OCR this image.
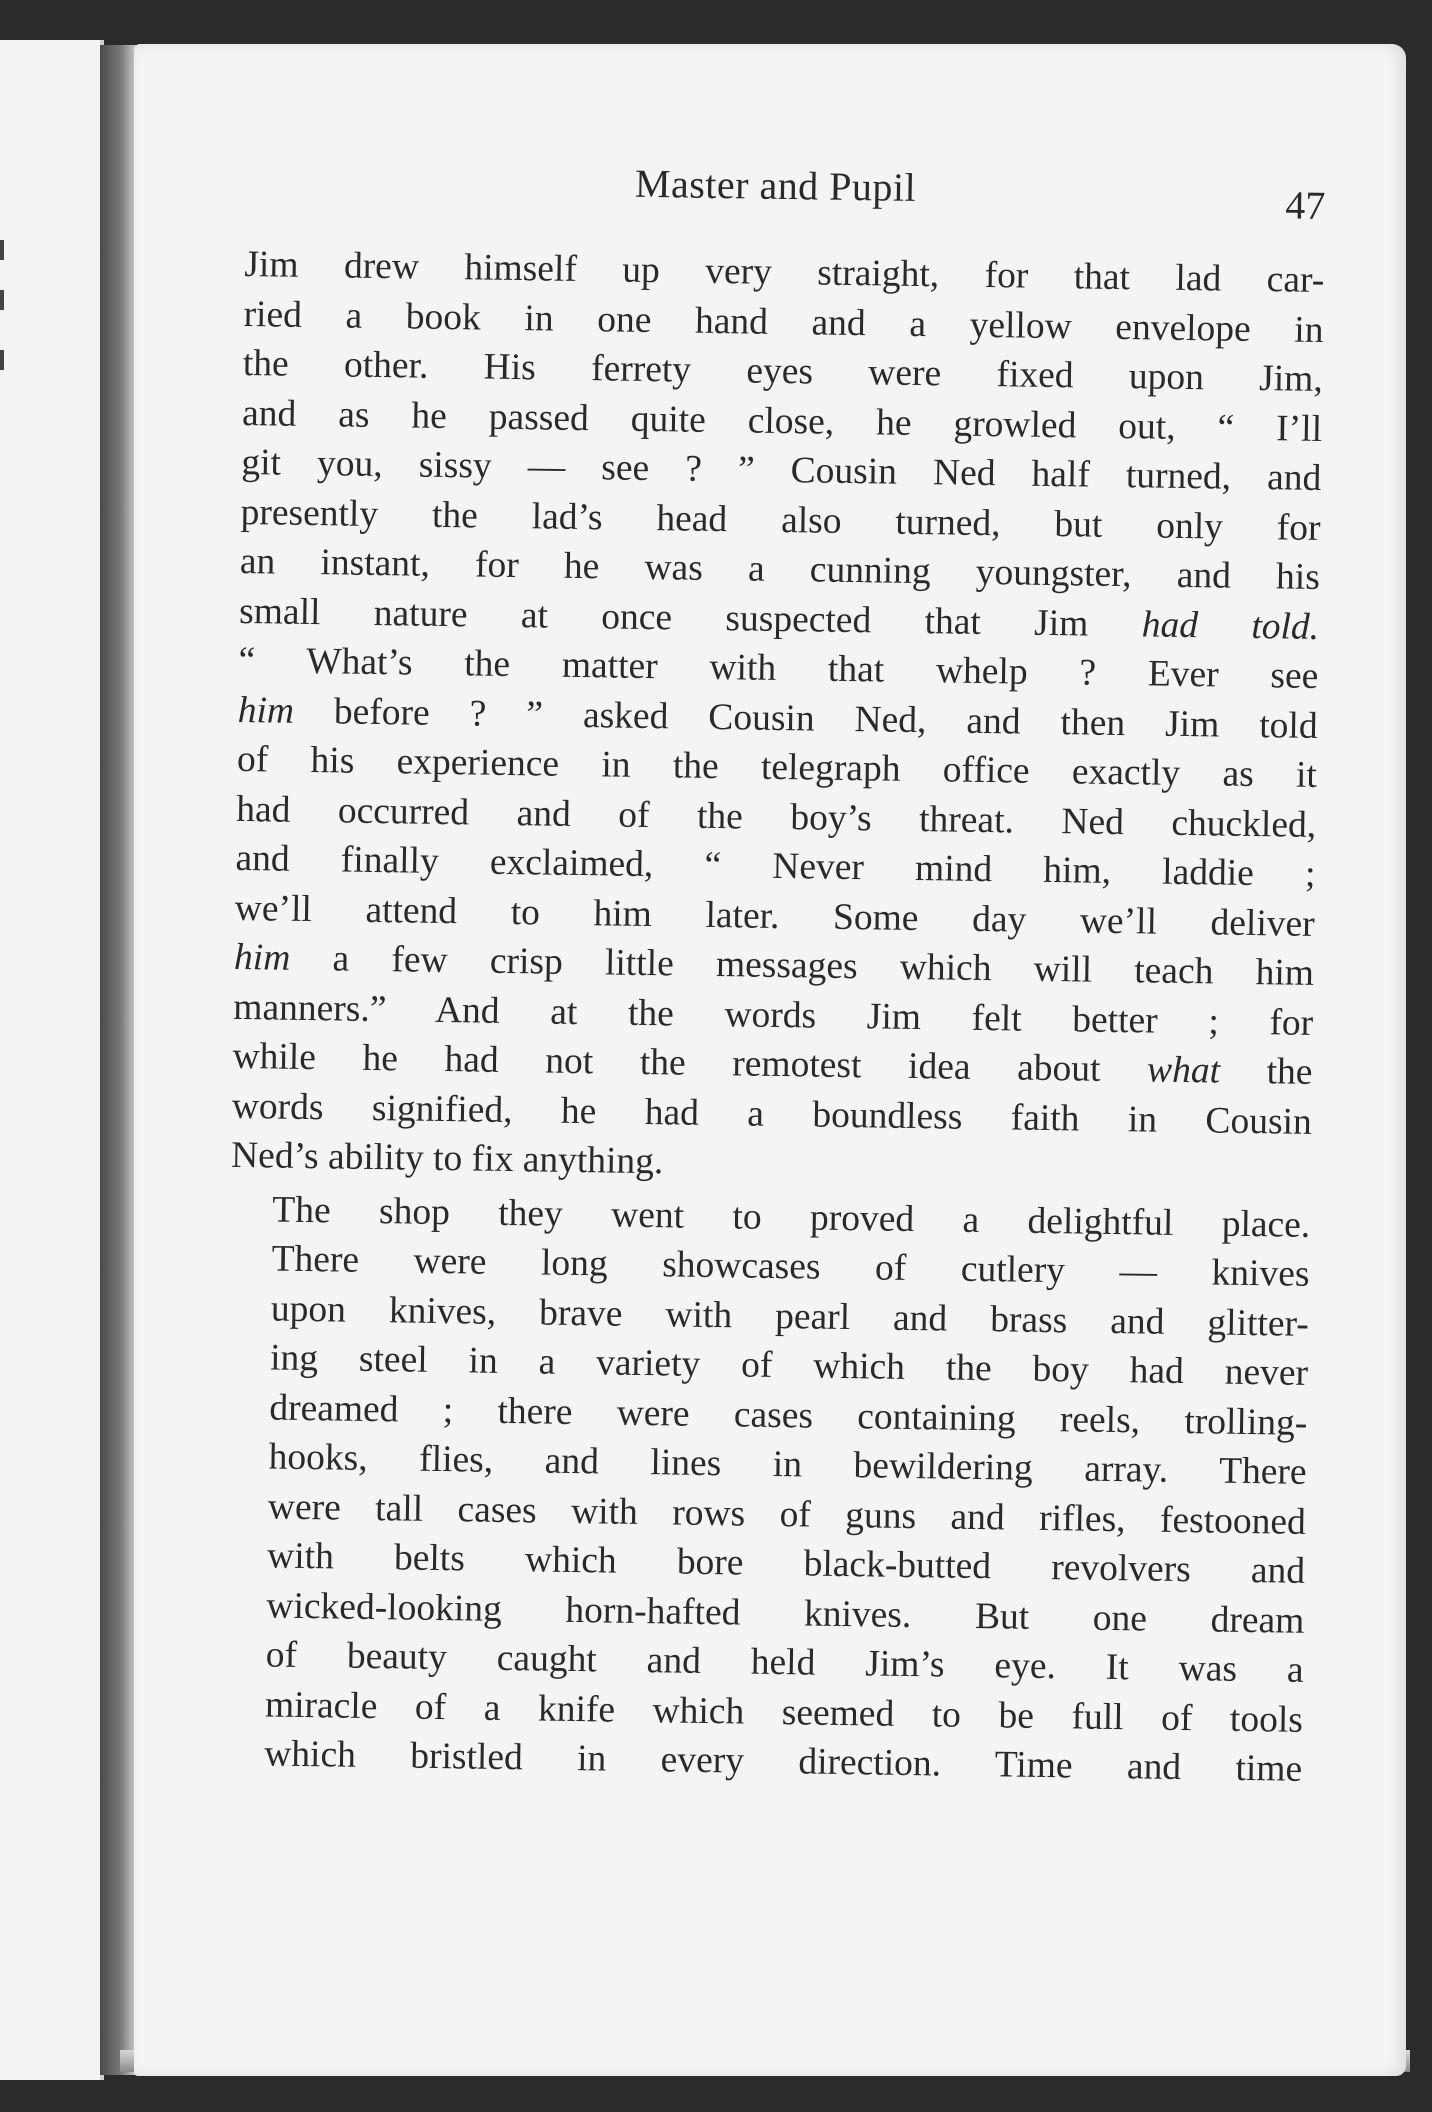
Master and Pupil	47

Jim drew himself up very straight, for that lad car-
ried a book in one hand and a yellow envelope in
the other. His ferrety eyes were fixed upon Jim,
and as he passed quite close, he growled out, “ I’ll
git you, sissy — see ? ” Cousin Ned half turned, and
presently the lad’s head also turned, but only for
an instant, for he was a cunning youngster, and his
small nature at once suspected that Jim had told.
“ What’s the matter with that whelp ? Ever see
him before ? ” asked Cousin Ned, and then Jim told
of his experience in the telegraph office exactly as it
had occurred and of the boy’s threat. Ned chuckled,
and finally exclaimed, “ Never mind him, laddie ;
we’ll attend to him later. Some day we’ll deliver
him a few crisp little messages which will teach him
manners.” And at the words Jim felt better ; for
while he had not the remotest idea about what the
words signified, he had a boundless faith in Cousin
Ned’s ability to fix anything.

The shop they went to proved a delightful place.
There were long showcases of cutlery — knives
upon knives, brave with pearl and brass and glitter-
ing steel in a variety of which the boy had never
dreamed ; there were cases containing reels, trolling-
hooks, flies, and lines in bewildering array. There
were tall cases with rows of guns and rifles, festooned
with belts which bore black-butted revolvers and
wicked-looking horn-hafted knives. But one dream
of beauty caught and held Jim’s eye. It was a
miracle of a knife which seemed to be full of tools
which bristled in every direction. Time and time
